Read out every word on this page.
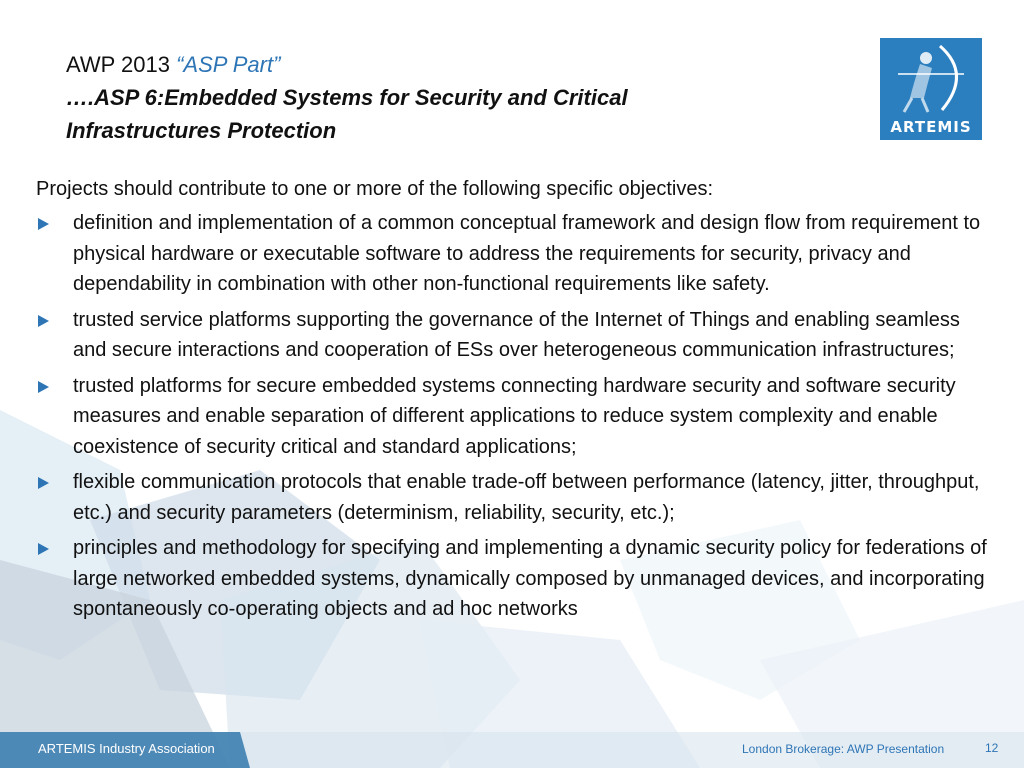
AWP 2013 “ASP Part”
….ASP 6:Embedded Systems for Security and Critical
Infrastructures Protection	ARTEMIS
Projects should contribute to one or more of the following specific objectives:
definition and implementation of a common conceptual framework and design flow from requirement to physical hardware or executable software to address the requirements for security, privacy and dependability in combination with other non-functional requirements like safety.
trusted service platforms supporting the governance of the Internet of Things and enabling seamless and secure interactions and cooperation of ESs over heterogeneous communication infrastructures;
trusted platforms for secure embedded systems connecting hardware security and software security measures and enable separation of different applications to reduce system complexity and enable coexistence of security critical and standard applications;
flexible communication protocols that enable trade-off between performance (latency, jitter, throughput, etc.) and security parameters (determinism, reliability, security, etc.);
principles and methodology for specifying and implementing a dynamic security policy for federations of large networked embedded systems, dynamically composed by unmanaged devices, and incorporating spontaneously co-operating objects and ad hoc networks
ARTEMIS Industry Association	London Brokerage: AWP Presentation	12
